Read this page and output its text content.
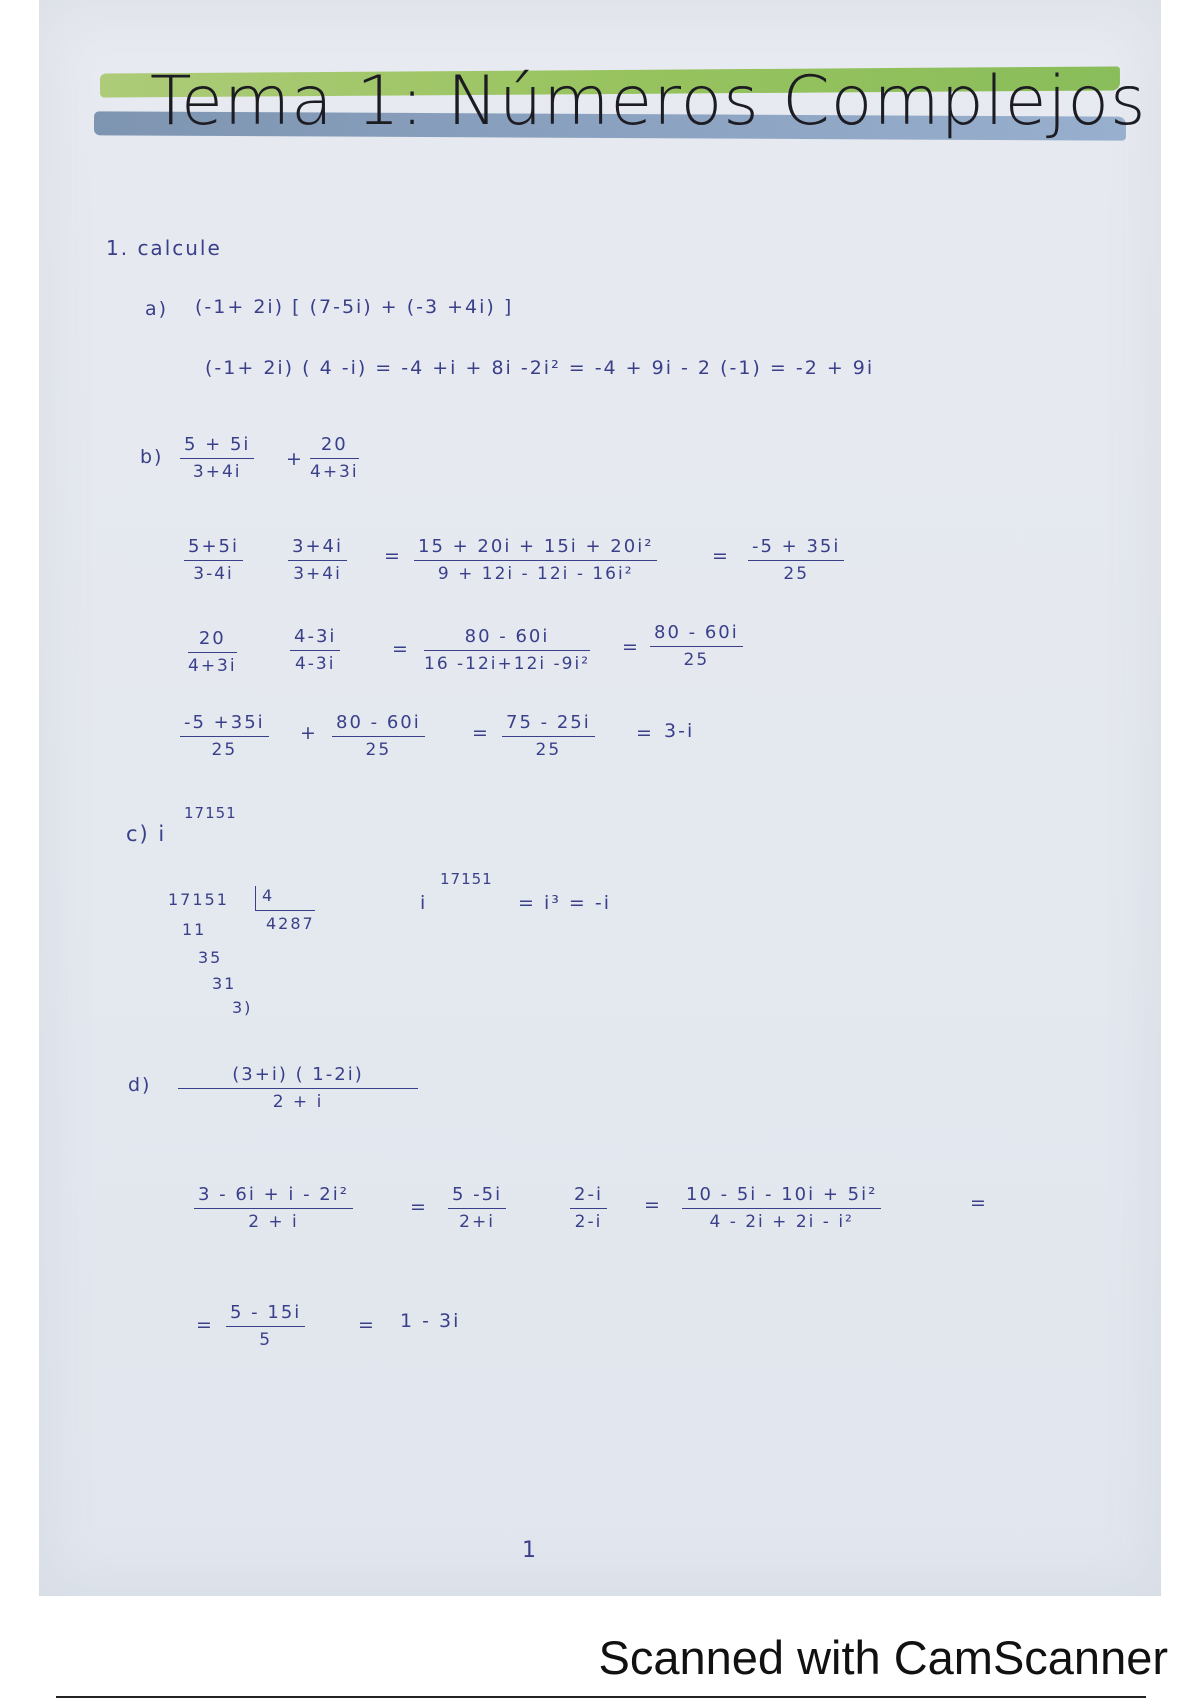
Tema 1: Números Complejos
1. calcule
a) (-1+ 2i) [ (7-5i) + (-3 +4i) ]
(-1+ 2i) ( 4 -i) = -4 +i + 8i -2i² = -4 + 9i - 2 (-1) = -2 + 9i
$b) \frac{5 + 5i}{3+4i} + \frac{20}{4+3i}$
$\frac{5+5i}{3-4i}$	$\frac{3+4i}{3+4i} = \frac{\text{15 + 20i + 15i + 20i²}}{\text{9 + 12i - 12i - 16i²}}$	= $\frac{-5 + 35i}{25}$
$\frac{20}{4+3i}$	$\frac{4-3i}{4-3i}$	= $\frac{80 - 60i}{\text{16 -12i+12i -9i²}} = \frac{80 - 60i}{25}$
$\frac{-5 +35i}{25} + \frac{80 - 60i}{25} = \frac{75 - 25i}{25} = 3-i$
c) i
17151
17151 4
4287
11
35
31
3)
i
17151
= i³ = -i
$d) \frac{(3+i) ( 1-2i)}{2 + i}$
$\frac{\text{3 - 6i + i - 2i²}}{2 + i}$	= $\frac{5 -5i}{2+i}$	$\frac{2-i}{2-i} = \frac{\text{10 - 5i - 10i + 5i²}}{\text{4 - 2i + 2i - i²}}$	=
= $\frac{5 - 15i}{5}$	= 1 - 3i
1
Scanned with CamScanner
